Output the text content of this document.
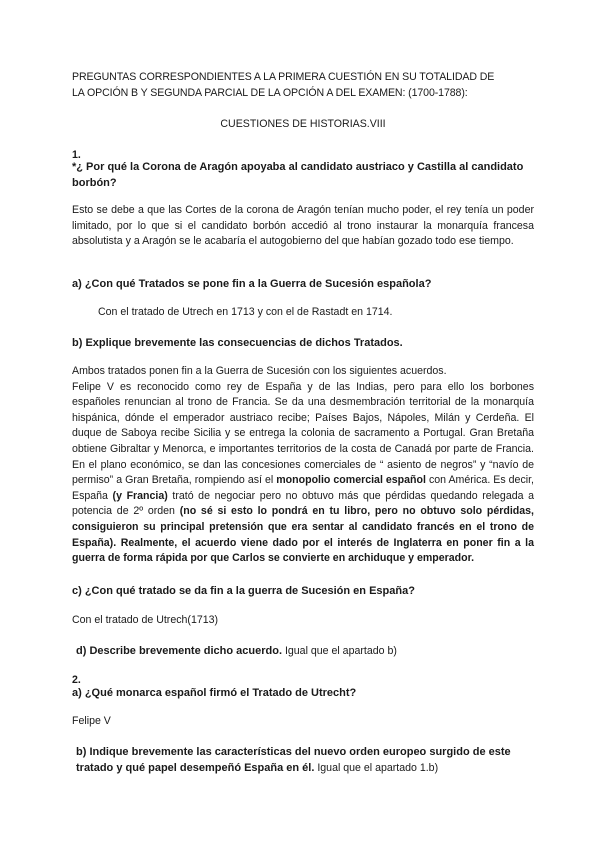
PREGUNTAS CORRESPONDIENTES A LA PRIMERA CUESTIÓN EN SU TOTALIDAD DE

LA OPCIÓN B Y SEGUNDA PARCIAL DE LA OPCIÓN A DEL EXAMEN: (1700-1788):

CUESTIONES DE HISTORIAS.VIII

1.

*¿ Por qué la Corona de Aragón apoyaba al candidato austriaco y Castilla al candidato borbón?

Esto se debe a que las Cortes de la corona de Aragón tenían mucho poder, el rey tenía un poder limitado, por lo que si el candidato borbón accedió al trono instaurar la monarquía francesa absolutista y a Aragón se le acabaría el autogobierno del que habían gozado todo ese tiempo.

a) ¿Con qué Tratados se pone fin a la Guerra de Sucesión española?

Con el tratado de Utrech en 1713 y con el de Rastadt en 1714.

b) Explique brevemente las consecuencias de dichos Tratados.

Ambos tratados ponen fin a la Guerra de Sucesión con los siguientes acuerdos.

Felipe V es reconocido como rey de España y de las Indias, pero para ello los borbones españoles renuncian al trono de Francia. Se da una desmembración territorial de la monarquía hispánica, dónde el emperador austriaco recibe; Países Bajos, Nápoles, Milán y Cerdeña. El duque de Saboya recibe Sicilia y se entrega la colonia de sacramento a Portugal. Gran Bretaña obtiene Gibraltar y Menorca, e importantes territorios de la costa de Canadá por parte de Francia. En el plano económico, se dan las concesiones comerciales de “ asiento de negros” y “navío de permiso” a Gran Bretaña, rompiendo así el monopolio comercial español con América. Es decir, España (y Francia) trató de negociar pero no obtuvo más que pérdidas quedando relegada a potencia de 2º orden (no sé si esto lo pondrá en tu libro, pero no obtuvo solo pérdidas, consiguieron su principal pretensión que era sentar al candidato francés en el trono de España). Realmente, el acuerdo viene dado por el interés de Inglaterra en poner fin a la guerra de forma rápida por que Carlos se convierte en archiduque y emperador.

c) ¿Con qué tratado se da fin a la guerra de Sucesión en España?

Con el tratado de Utrech(1713)

d) Describe brevemente dicho acuerdo. Igual que el apartado b)

2.

a) ¿Qué monarca español firmó el Tratado de Utrecht?

Felipe V

b) Indique brevemente las características del nuevo orden europeo surgido de este tratado y qué papel desempeñó España en él. Igual que el apartado 1.b)
